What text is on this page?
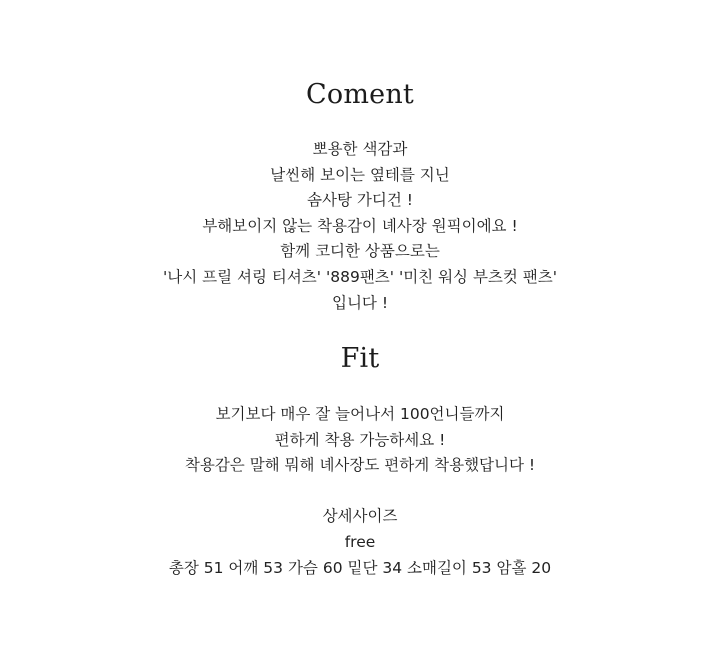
Coment
뽀용한 색감과
날씬해 보이는 옆테를 지닌
솜사탕 가디건 !
부해보이지 않는 착용감이 녜사장 원픽이에요 !
함께 코디한 상품으로는
'나시 프릴 셔링 티셔츠' '889팬츠' '미친 워싱 부츠컷 팬츠'
입니다 !
Fit
보기보다 매우 잘 늘어나서 100언니들까지
편하게 착용 가능하세요 !
착용감은 말해 뭐해 녜사장도 편하게 착용했답니다 !
상세사이즈
free
총장 51 어깨 53 가슴 60 밑단 34 소매길이 53 암홀 20
